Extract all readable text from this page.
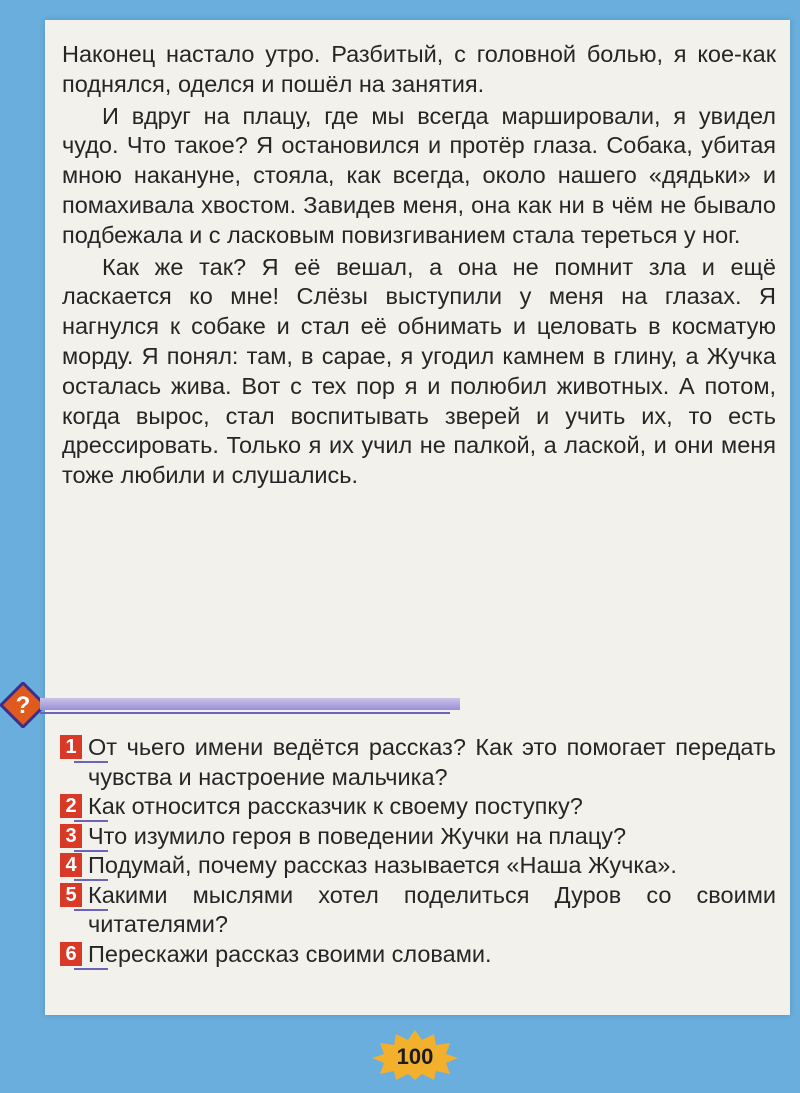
Наконец настало утро. Разбитый, с головной болью, я кое-как поднялся, оделся и пошёл на занятия.

И вдруг на плацу, где мы всегда маршировали, я увидел чудо. Что такое? Я остановился и протёр глаза. Собака, убитая мною накануне, стояла, как всегда, около нашего «дядьки» и помахивала хвостом. Завидев меня, она как ни в чём не бывало подбежала и с ласковым повизгиванием стала тереться у ног.

Как же так? Я её вешал, а она не помнит зла и ещё ласкается ко мне! Слёзы выступили у меня на глазах. Я нагнулся к собаке и стал её обнимать и целовать в косматую морду. Я понял: там, в сарае, я угодил камнем в глину, а Жучка осталась жива. Вот с тех пор я и полюбил животных. А потом, когда вырос, стал воспитывать зверей и учить их, то есть дрессировать. Только я их учил не палкой, а лаской, и они меня тоже любили и слушались.

?
1 От чьего имени ведётся рассказ? Как это помогает передать чувства и настроение мальчика?
2 Как относится рассказчик к своему поступку?
3 Что изумило героя в поведении Жучки на плацу?
4 Подумай, почему рассказ называется «Наша Жучка».
5 Какими мыслями хотел поделиться Дуров со своими читателями?
6 Перескажи рассказ своими словами.
100
